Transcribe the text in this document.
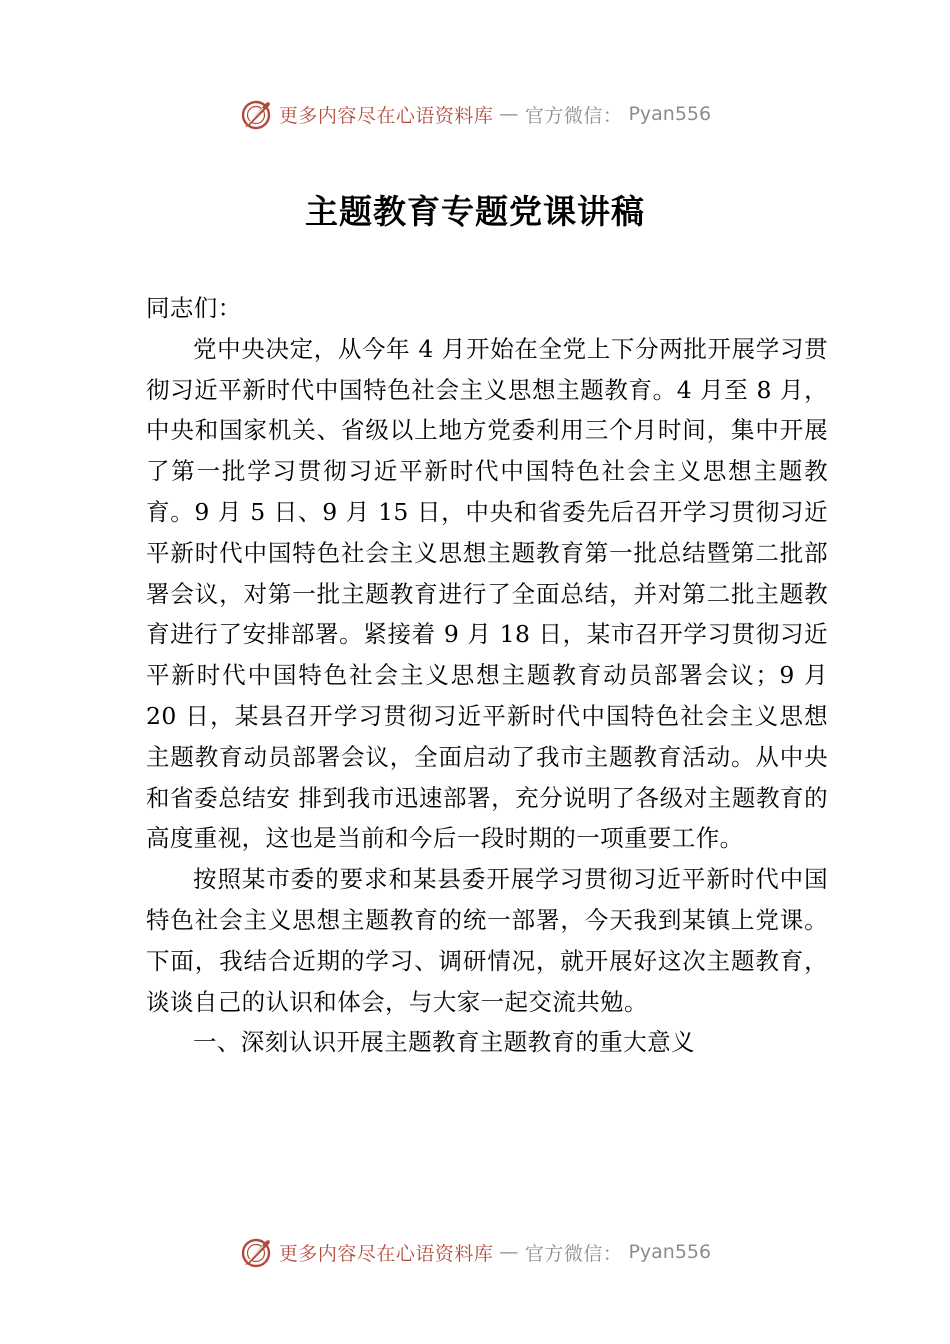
更多内容尽在心语资料库 — 官方微信： Pyan556
主题教育专题党课讲稿

同志们：

党中央决定，从今年 4 月开始在全党上下分两批开展学习贯彻习近平新时代中国特色社会主义思想主题教育。4 月至 8 月，中央和国家机关、省级以上地方党委利用三个月时间，集中开展了第一批学习贯彻习近平新时代中国特色社会主义思想主题教育。9 月 5 日、9 月 15 日，中央和省委先后召开学习贯彻习近平新时代中国特色社会主义思想主题教育第一批总结暨第二批部署会议，对第一批主题教育进行了全面总结，并对第二批主题教育进行了安排部署。紧接着 9 月 18 日，某市召开学习贯彻习近平新时代中国特色社会主义思想主题教育动员部署会议；9 月 20 日，某县召开学习贯彻习近平新时代中国特色社会主义思想主题教育动员部署会议，全面启动了我市主题教育活动。从中央和省委总结安 排到我市迅速部署，充分说明了各级对主题教育的高度重视，这也是当前和今后一段时期的一项重要工作。

按照某市委的要求和某县委开展学习贯彻习近平新时代中国特色社会主义思想主题教育的统一部署，今天我到某镇上党课。下面，我结合近期的学习、调研情况，就开展好这次主题教育，谈谈自己的认识和体会，与大家一起交流共勉。

一、深刻认识开展主题教育主题教育的重大意义

更多内容尽在心语资料库 — 官方微信： Pyan556
